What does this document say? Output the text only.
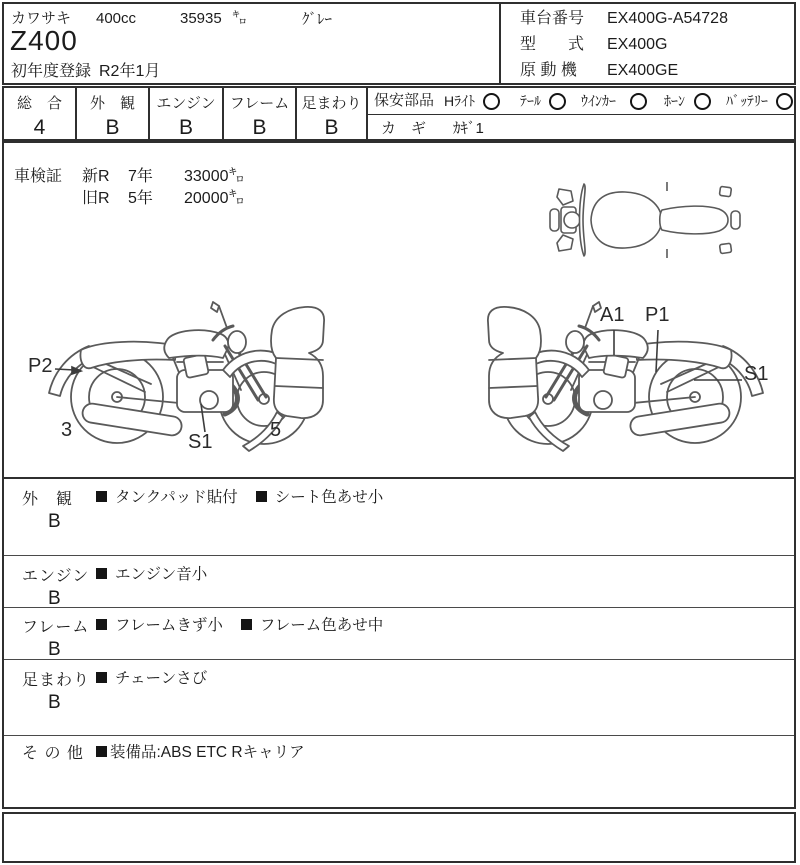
カワサキ 400cc	35935 ㌔	ｸﾞﾚｰ
Z400
初年度登録 R2年1月
車台番号	EX400G-A54728
型　　式	EX400G
原 動 機	EX400GE
総　合
4
外　観
B
エンジン
B
フレーム
B
足まわり
B
保安部品 Hﾗｲﾄ	ﾃｰﾙ	ｳｲﾝｶｰ	ﾎｰﾝ	ﾊﾞｯﾃﾘｰ
カ　ギ ｶｷﾞ1
車検証 新R	7年	33000㌔
旧R	5年	20000㌔
P2
3
S1
5
A1 P1
S1
外　観
B
タンクパッド貼付 シート色あせ小
エンジン
B
エンジン音小
フレーム
B
フレームきず小 フレーム色あせ中
足まわり
B
チェーンさび
そ の 他 装備品:ABS ETC Rキャリア
